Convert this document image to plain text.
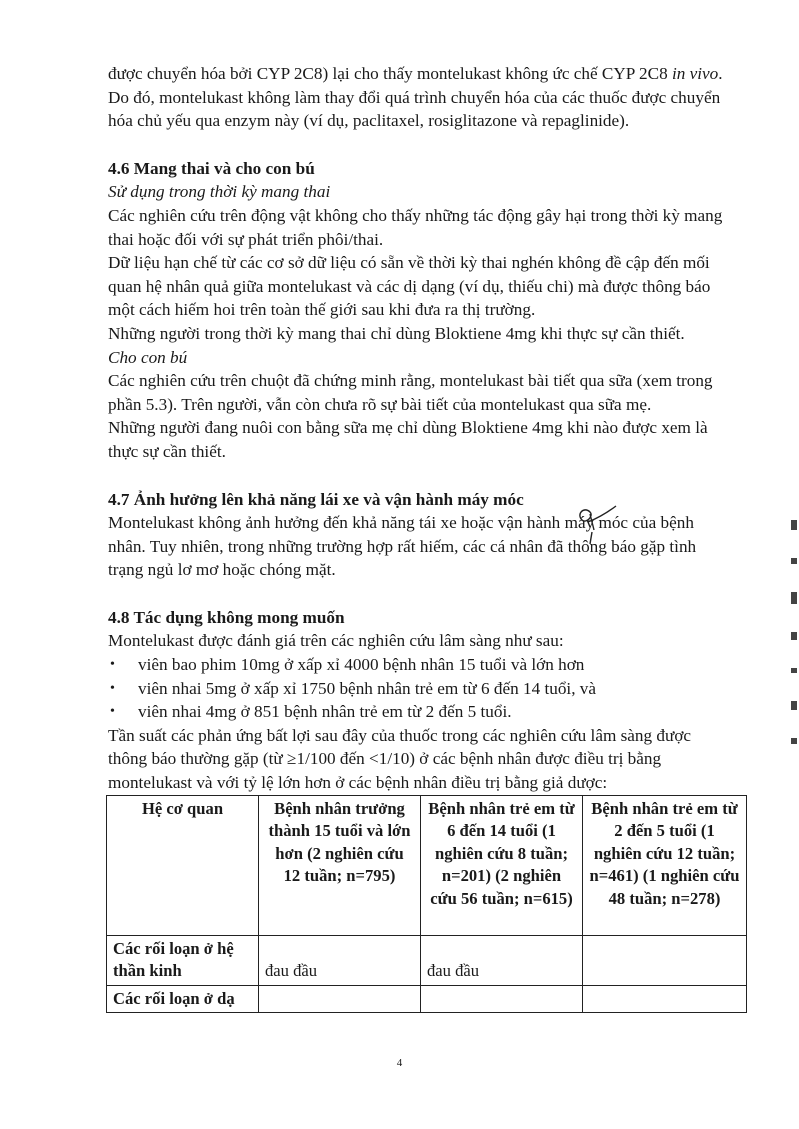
được chuyển hóa bởi CYP 2C8) lại cho thấy montelukast không ức chế CYP 2C8 in vivo. Do đó, montelukast không làm thay đổi quá trình chuyển hóa của các thuốc được chuyển hóa chủ yếu qua enzym này (ví dụ, paclitaxel, rosiglitazone và repaglinide).

4.6 Mang thai và cho con bú

Sử dụng trong thời kỳ mang thai

Các nghiên cứu trên động vật không cho thấy những tác động gây hại trong thời kỳ mang thai hoặc đối với sự phát triển phôi/thai.

Dữ liệu hạn chế từ các cơ sở dữ liệu có sẵn về thời kỳ thai nghén không đề cập đến mối quan hệ nhân quả giữa montelukast và các dị dạng (ví dụ, thiếu chi) mà được thông báo một cách hiếm hoi trên toàn thế giới sau khi đưa ra thị trường.

Những người trong thời kỳ mang thai chỉ dùng Bloktiene 4mg khi thực sự cần thiết.

Cho con bú

Các nghiên cứu trên chuột đã chứng minh rằng, montelukast bài tiết qua sữa (xem trong phần 5.3). Trên người, vẫn còn chưa rõ sự bài tiết của montelukast qua sữa mẹ.

Những người đang nuôi con bằng sữa mẹ chỉ dùng Bloktiene 4mg khi nào được xem là thực sự cần thiết.

4.7 Ảnh hưởng lên khả năng lái xe và vận hành máy móc

Montelukast không ảnh hưởng đến khả năng tái xe hoặc vận hành máy móc của bệnh nhân. Tuy nhiên, trong những trường hợp rất hiếm, các cá nhân đã thông báo gặp tình trạng ngủ lơ mơ hoặc chóng mặt.

4.8 Tác dụng không mong muốn

Montelukast được đánh giá trên các nghiên cứu lâm sàng như sau:

• viên bao phim 10mg ở xấp xỉ 4000 bệnh nhân 15 tuổi và lớn hơn
• viên nhai 5mg ở xấp xỉ 1750 bệnh nhân trẻ em từ 6 đến 14 tuổi, và
• viên nhai 4mg ở 851 bệnh nhân trẻ em từ 2 đến 5 tuổi.

Tần suất các phản ứng bất lợi sau đây của thuốc trong các nghiên cứu lâm sàng được thông báo thường gặp (từ ≥1/100 đến <1/10) ở các bệnh nhân được điều trị bằng montelukast và với tỷ lệ lớn hơn ở các bệnh nhân điều trị bằng giả dược:

Hệ cơ quan	Bệnh nhân trưởng thành 15 tuổi và lớn hơn (2 nghiên cứu 12 tuần; n=795)	Bệnh nhân trẻ em từ 6 đến 14 tuổi (1 nghiên cứu 8 tuần; n=201) (2 nghiên cứu 56 tuần; n=615)	Bệnh nhân trẻ em từ 2 đến 5 tuổi (1 nghiên cứu 12 tuần; n=461) (1 nghiên cứu 48 tuần; n=278)
Các rối loạn ở hệ thần kinh	đau đầu	đau đầu	
Các rối loạn ở dạ			
4
